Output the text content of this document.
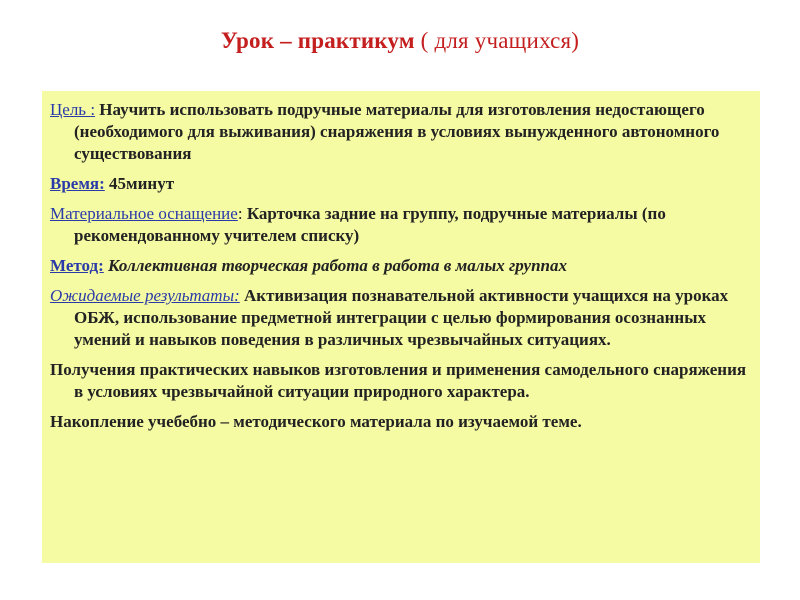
Урок – практикум ( для учащихся)
Цель : Научить использовать подручные материалы для изготовления недостающего (необходимого для выживания) снаряжения в условиях вынужденного автономного существования
Время: 45минут
Материальное оснащение: Карточка задние на группу, подручные материалы (по рекомендованному учителем списку)
Метод: Коллективная творческая работа в работа в малых группах
Ожидаемые результаты: Активизация познавательной активности учащихся на уроках ОБЖ, использование предметной интеграции с целью формирования осознанных умений и навыков поведения в различных чрезвычайных ситуациях.
Получения практических навыков изготовления и применения самодельного снаряжения в условиях чрезвычайной ситуации природного характера.
Накопление учебебно – методического материала по изучаемой теме.
